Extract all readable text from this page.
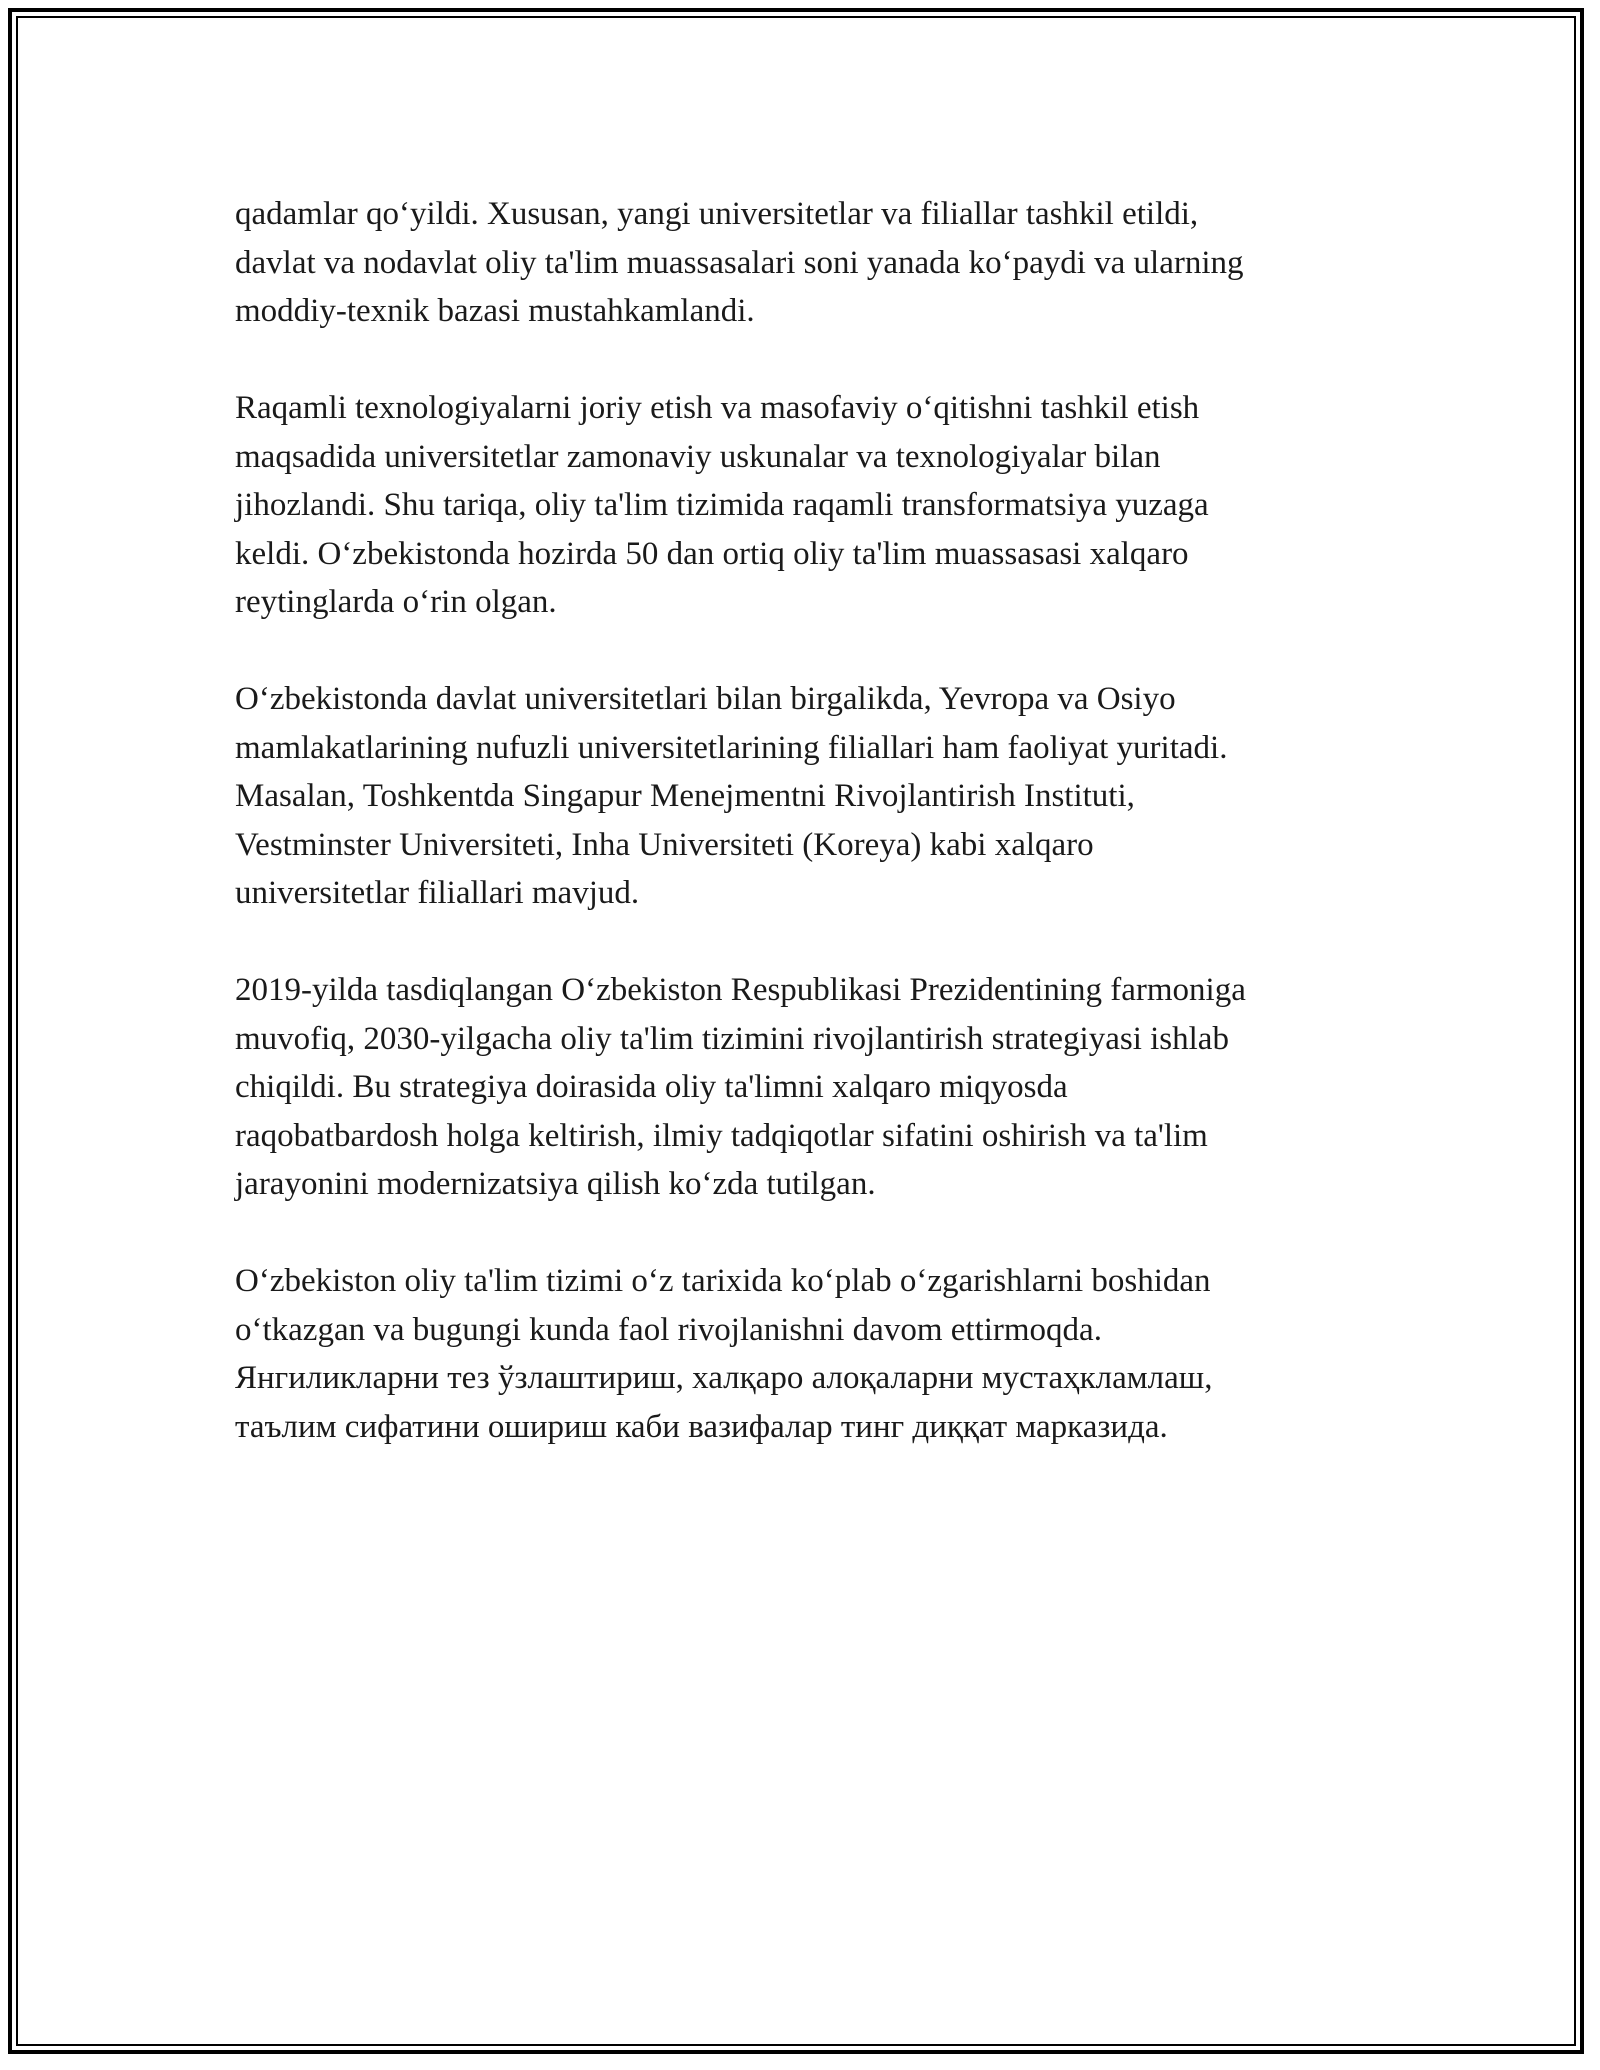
qadamlar qo‘yildi. Xususan, yangi universitetlar va filiallar tashkil etildi,
davlat va nodavlat oliy ta'lim muassasalari soni yanada ko‘paydi va ularning
moddiy-texnik bazasi mustahkamlandi.

Raqamli texnologiyalarni joriy etish va masofaviy o‘qitishni tashkil etish
maqsadida universitetlar zamonaviy uskunalar va texnologiyalar bilan
jihozlandi. Shu tariqa, oliy ta'lim tizimida raqamli transformatsiya yuzaga
keldi. O‘zbekistonda hozirda 50 dan ortiq oliy ta'lim muassasasi xalqaro
reytinglarda o‘rin olgan.

O‘zbekistonda davlat universitetlari bilan birgalikda, Yevropa va Osiyo
mamlakatlarining nufuzli universitetlarining filiallari ham faoliyat yuritadi.
Masalan, Toshkentda Singapur Menejmentni Rivojlantirish Instituti,
Vestminster Universiteti, Inha Universiteti (Koreya) kabi xalqaro
universitetlar filiallari mavjud.

2019-yilda tasdiqlangan O‘zbekiston Respublikasi Prezidentining farmoniga
muvofiq, 2030-yilgacha oliy ta'lim tizimini rivojlantirish strategiyasi ishlab
chiqildi. Bu strategiya doirasida oliy ta'limni xalqaro miqyosda
raqobatbardosh holga keltirish, ilmiy tadqiqotlar sifatini oshirish va ta'lim
jarayonini modernizatsiya qilish ko‘zda tutilgan.

O‘zbekiston oliy ta'lim tizimi o‘z tarixida ko‘plab o‘zgarishlarni boshidan
o‘tkazgan va bugungi kunda faol rivojlanishni davom ettirmoqda.
Янгиликларни тез ўзлаштириш, халқаро алоқаларни мустаҳкламлаш,
таълим сифатини ошириш каби вазифалар тинг диққат марказида.
